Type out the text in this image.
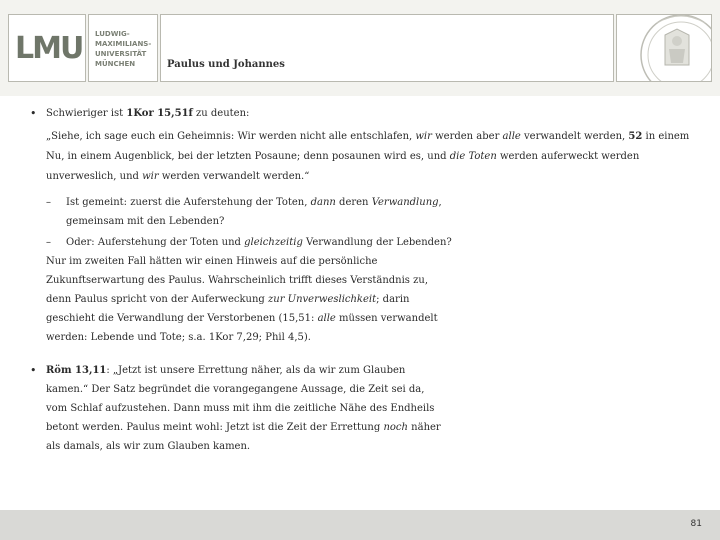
LMU LUDWIG-
MAXIMILIANS-
UNIVERSITÄT
MÜNCHEN	Paulus und Johannes
• Schwieriger ist 1Kor 15,51f zu deuten:

„Siehe, ich sage euch ein Geheimnis: Wir werden nicht alle entschlafen, wir werden aber alle verwandelt werden, 52 in einem Nu, in einem Augenblick, bei der letzten Posaune; denn posaunen wird es, und die Toten werden auferweckt werden unverweslich, und wir werden verwandelt werden.“

– Ist gemeint: zuerst die Auferstehung der Toten, dann deren Verwandlung, gemeinsam mit den Lebenden?
– Oder: Auferstehung der Toten und gleichzeitig Verwandlung der Lebenden?

Nur im zweiten Fall hätten wir einen Hinweis auf die persönliche Zukunftserwartung des Paulus. Wahrscheinlich trifft dieses Verständnis zu, denn Paulus spricht von der Auferweckung zur Unverweslichkeit; darin geschieht die Verwandlung der Verstorbenen (15,51: alle müssen verwandelt werden: Lebende und Tote; s.a. 1Kor 7,29; Phil 4,5).

• Röm 13,11: „Jetzt ist unsere Errettung näher, als da wir zum Glauben kamen.“ Der Satz begründet die vorangegangene Aussage, die Zeit sei da, vom Schlaf aufzustehen. Dann muss mit ihm die zeitliche Nähe des Endheils betont werden. Paulus meint wohl: Jetzt ist die Zeit der Errettung noch näher als damals, als wir zum Glauben kamen.

81
